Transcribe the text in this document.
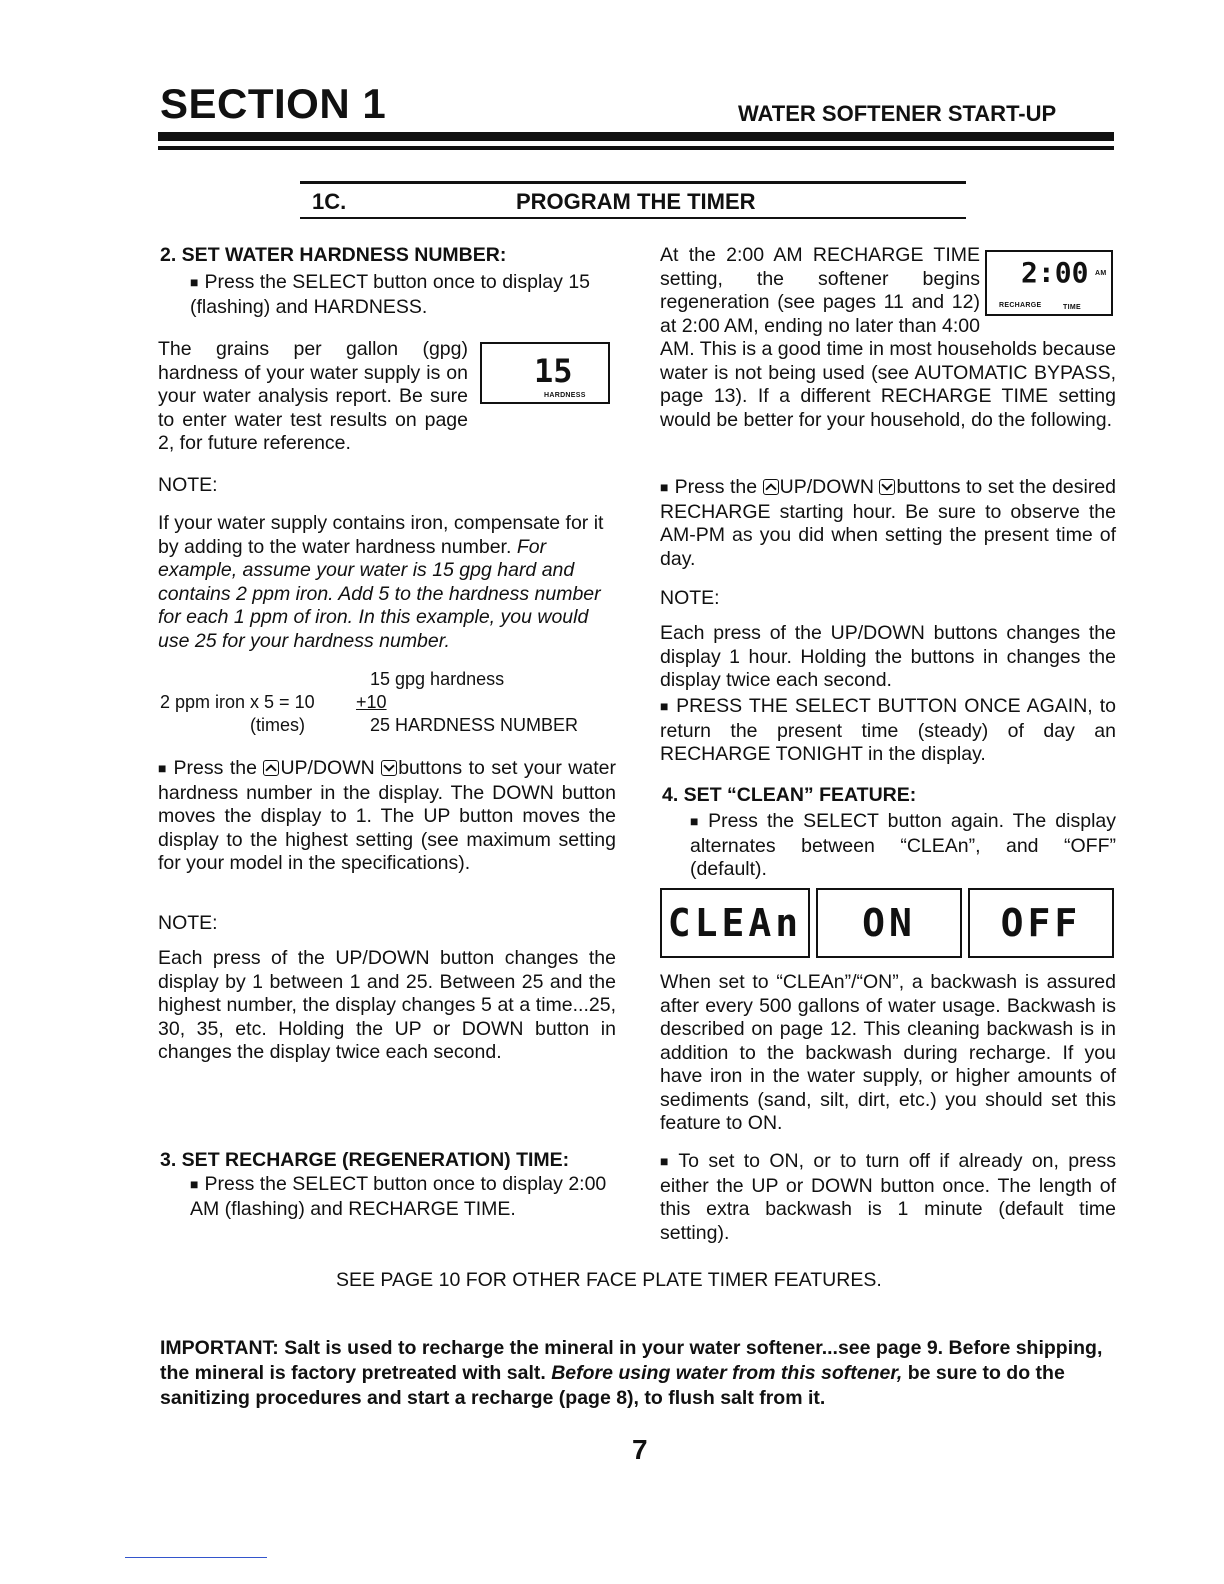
SECTION 1	WATER SOFTENER START-UP
1C.	PROGRAM THE TIMER
2. SET WATER HARDNESS NUMBER:
■ Press the SELECT button once to display 15 (flashing) and HARDNESS.
The grains per gallon (gpg) hardness of your water supply is on your water analysis report. Be sure to enter water test results on page 2, for future reference.
15
HARDNESS
NOTE:
If your water supply contains iron, compensate for it by adding to the water hardness number. For example, assume your water is 15 gpg hard and contains 2 ppm iron. Add 5 to the hardness number for each 1 ppm of iron. In this example, you would use 25 for your hardness number.
15 gpg hardness
2 ppm iron x 5 = 10 +10
(times)	25 HARDNESS NUMBER
■ Press the UP/DOWN buttons to set your water hardness number in the display. The DOWN button moves the display to 1. The UP button moves the display to the highest setting (see maximum setting for your model in the specifications).
NOTE:
Each press of the UP/DOWN button changes the display by 1 between 1 and 25. Between 25 and the highest number, the display changes 5 at a time...25, 30, 35, etc. Holding the UP or DOWN button in changes the display twice each second.
3. SET RECHARGE (REGENERATION) TIME:
■ Press the SELECT button once to display 2:00 AM (flashing) and RECHARGE TIME.
At the 2:00 AM RECHARGE TIME setting, the softener begins regeneration (see pages 11 and 12) at 2:00 AM, ending no later than 4:00 AM. This is a good time in most households because water is not being used (see AUTOMATIC BYPASS, page 13). If a different RECHARGE TIME setting would be better for your household, do the following.
2:00 AM
RECHARGE	TIME
■ Press the UP/DOWN buttons to set the desired RECHARGE starting hour. Be sure to observe the AM-PM as you did when setting the present time of day.
NOTE:
Each press of the UP/DOWN buttons changes the display 1 hour. Holding the buttons in changes the display twice each second.
■ PRESS THE SELECT BUTTON ONCE AGAIN, to return the present time (steady) of day an RECHARGE TONIGHT in the display.
4. SET “CLEAN” FEATURE:
■ Press the SELECT button again. The display alternates between “CLEAn”, and “OFF” (default).
CLEAn	ON	OFF
When set to “CLEAn”/“ON”, a backwash is assured after every 500 gallons of water usage. Backwash is described on page 12. This cleaning backwash is in addition to the backwash during recharge. If you have iron in the water supply, or higher amounts of sediments (sand, silt, dirt, etc.) you should set this feature to ON.
■ To set to ON, or to turn off if already on, press either the UP or DOWN button once. The length of this extra backwash is 1 minute (default time setting).
SEE PAGE 10 FOR OTHER FACE PLATE TIMER FEATURES.
IMPORTANT: Salt is used to recharge the mineral in your water softener...see page 9. Before shipping, the mineral is factory pretreated with salt. Before using water from this softener, be sure to do the sanitizing procedures and start a recharge (page 8), to flush salt from it.
7
